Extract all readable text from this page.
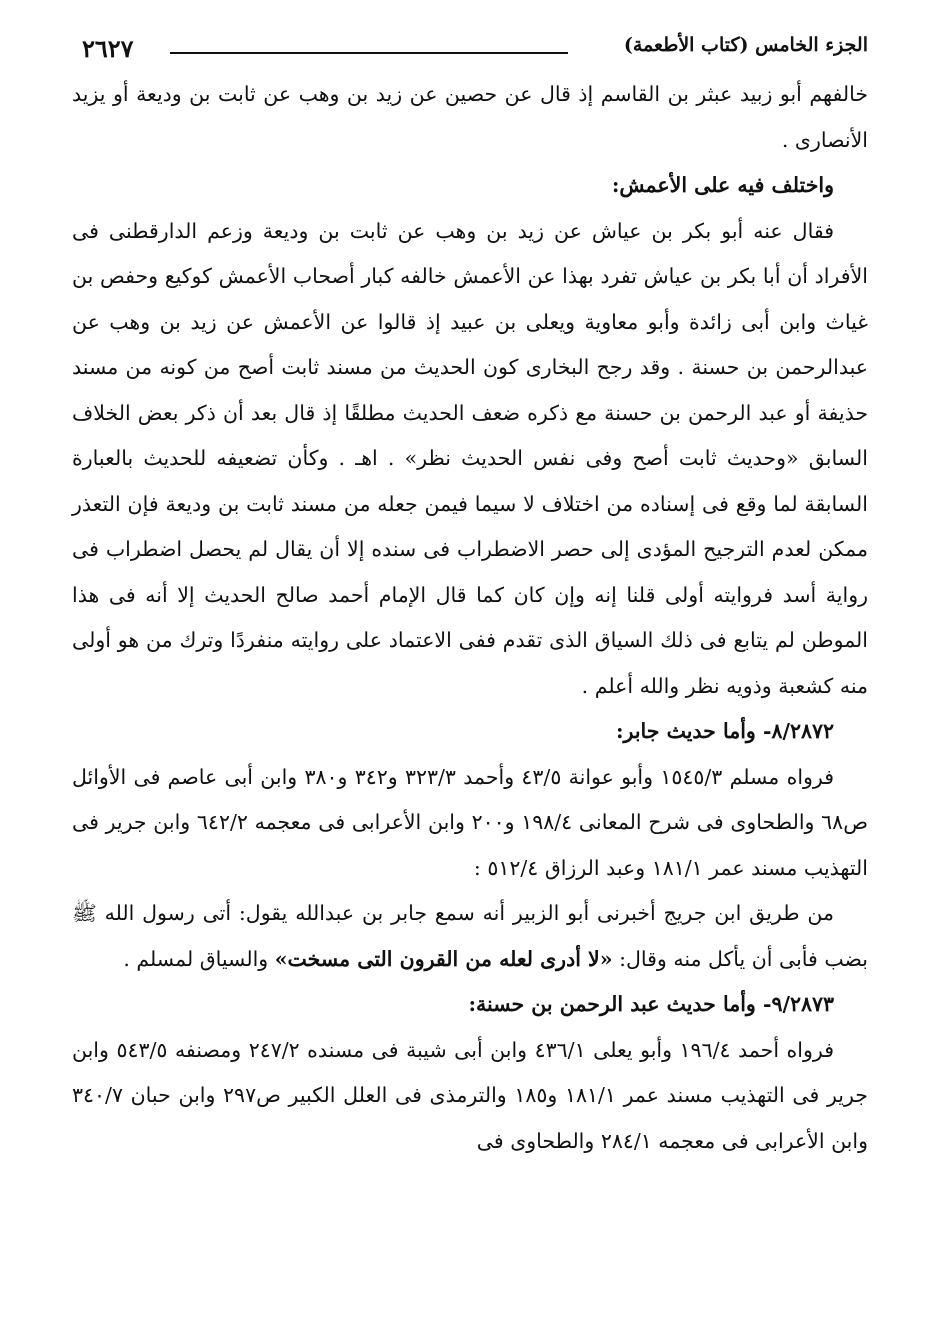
٢٦٢٧	الجزء الخامس (كتاب الأطعمة)

خالفهم أبو زبيد عبثر بن القاسم إذ قال عن حصين عن زيد بن وهب عن ثابت بن وديعة أو يزيد الأنصارى .

واختلف فيه على الأعمش:

فقال عنه أبو بكر بن عياش عن زيد بن وهب عن ثابت بن وديعة وزعم الدارقطنى فى الأفراد أن أبا بكر بن عياش تفرد بهذا عن الأعمش خالفه كبار أصحاب الأعمش كوكيع وحفص بن غياث وابن أبى زائدة وأبو معاوية ويعلى بن عبيد إذ قالوا عن الأعمش عن زيد بن وهب عن عبدالرحمن بن حسنة . وقد رجح البخارى كون الحديث من مسند ثابت أصح من كونه من مسند حذيفة أو عبد الرحمن بن حسنة مع ذكره ضعف الحديث مطلقًا إذ قال بعد أن ذكر بعض الخلاف السابق «وحديث ثابت أصح وفى نفس الحديث نظر» . اهـ . وكأن تضعيفه للحديث بالعبارة السابقة لما وقع فى إسناده من اختلاف لا سيما فيمن جعله من مسند ثابت بن وديعة فإن التعذر ممكن لعدم الترجيح المؤدى إلى حصر الاضطراب فى سنده إلا أن يقال لم يحصل اضطراب فى رواية أسد فروايته أولى قلنا إنه وإن كان كما قال الإمام أحمد صالح الحديث إلا أنه فى هذا الموطن لم يتابع فى ذلك السياق الذى تقدم ففى الاعتماد على روايته منفردًا وترك من هو أولى منه كشعبة وذويه نظر والله أعلم .

٨/٢٨٧٢- وأما حديث جابر:

فرواه مسلم ١٥٤٥/٣ وأبو عوانة ٤٣/٥ وأحمد ٣٢٣/٣ و٣٤٢ و٣٨٠ وابن أبى عاصم فى الأوائل ص٦٨ والطحاوى فى شرح المعانى ١٩٨/٤ و٢٠٠ وابن الأعرابى فى معجمه ٦٤٢/٢ وابن جرير فى التهذيب مسند عمر ١٨١/١ وعبد الرزاق ٥١٢/٤ :

من طريق ابن جريج أخبرنى أبو الزبير أنه سمع جابر بن عبدالله يقول: أتى رسول الله ﷺ بضب فأبى أن يأكل منه وقال: «لا أدرى لعله من القرون التى مسخت» والسياق لمسلم .

٩/٢٨٧٣- وأما حديث عبد الرحمن بن حسنة:

فرواه أحمد ١٩٦/٤ وأبو يعلى ٤٣٦/١ وابن أبى شيبة فى مسنده ٢٤٧/٢ ومصنفه ٥٤٣/٥ وابن جرير فى التهذيب مسند عمر ١٨١/١ و١٨٥ والترمذى فى العلل الكبير ص٢٩٧ وابن حبان ٣٤٠/٧ وابن الأعرابى فى معجمه ٢٨٤/١ والطحاوى فى
